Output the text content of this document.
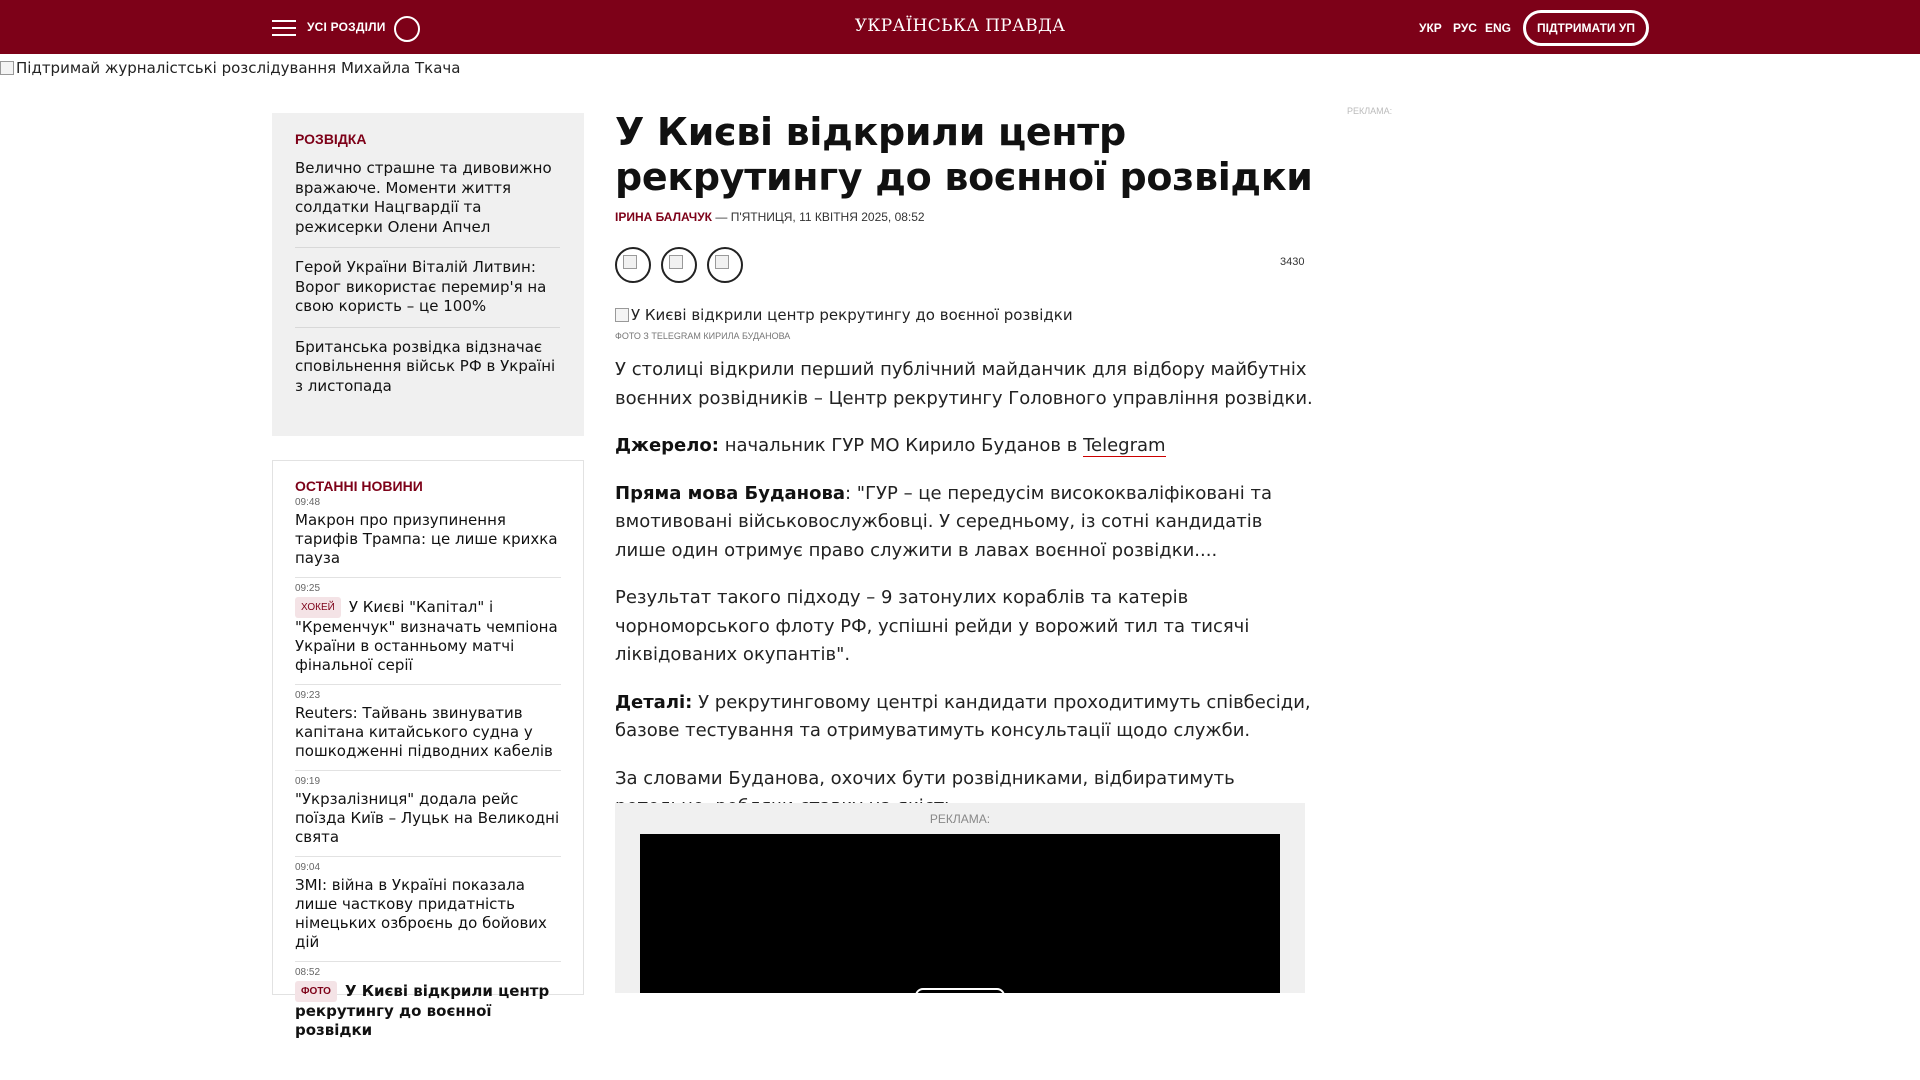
УСІ РОЗДІЛИ	УКРАЇНСЬКА ПРАВДА	УКР РУС ENG	ПІДТРИМАТИ УП
Підтримай журналістські розслідування Михайла Ткача
РОЗВІДКА
Велично страшне та дивовижно вражаюче. Моменти життя солдатки Нацгвардії та режисерки Олени Апчел
Герой України Віталій Литвин: Ворог використає перемир'я на свою користь – це 100%
Британська розвідка відзначає сповільнення військ РФ в Україні з листопада
ОСТАННІ НОВИНИ
09:48
Макрон про призупинення тарифів Трампа: це лише крихка пауза
09:25
ХОКЕЙ У Києві "Капітал" і "Кременчук" визначать чемпіона України в останньому матчі фінальної серії
09:23
Reuters: Тайвань звинуватив капітана китайського судна у пошкодженні підводних кабелів
09:19
"Укрзалізниця" додала рейс поїзда Київ – Луцьк на Великодні свята
09:04
ЗМІ: війна в Україні показала лише часткову придатність німецьких озброєнь до бойових дій
08:52
ФОТО У Києві відкрили центр рекрутингу до воєнної розвідки
У Києві відкрили центр рекрутингу до воєнної розвідки
ІРИНА БАЛАЧУК — П'ЯТНИЦЯ, 11 КВІТНЯ 2025, 08:52
3430
У Києві відкрили центр рекрутингу до воєнної розвідки
ФОТО З TELEGRAM КИРИЛА БУДАНОВА

У столиці відкрили перший публічний майданчик для відбору майбутніх воєнних розвідників – Центр рекрутингу Головного управління розвідки.

Джерело: начальник ГУР МО Кирило Буданов в Telegram

Пряма мова Буданова: "ГУР – це передусім висококваліфіковані та вмотивовані військовослужбовці. У середньому, із сотні кандидатів лише один отримує право служити в лавах воєнної розвідки....

Результат такого підходу – 9 затонулих кораблів та катерів чорноморського флоту РФ, успішні рейди у ворожий тил та тисячі ліквідованих окупантів".

Деталі: У рекрутинговому центрі кандидати проходитимуть співбесіди, базове тестування та отримуватимуть консультації щодо служби.

За словами Буданова, охочих бути розвідниками, відбиратимуть

РЕКЛАМА:
РЕКЛАМА:
